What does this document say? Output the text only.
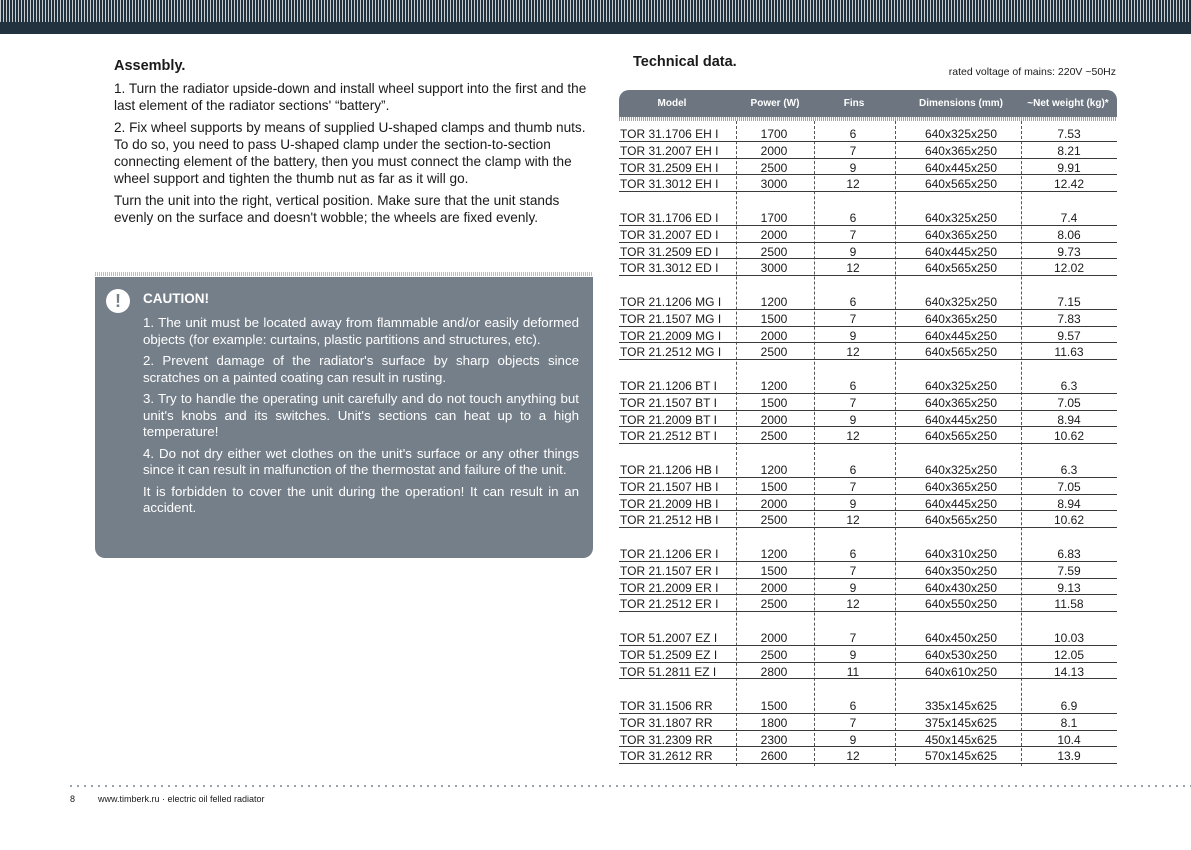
Assembly.

1. Turn the radiator upside-down and install wheel support into the first and the last element of the radiator sections' “battery”.

2. Fix wheel supports by means of supplied U-shaped clamps and thumb nuts. To do so, you need to pass U-shaped clamp under the section-to-section connecting element of the battery, then you must connect the clamp with the wheel support and tighten the thumb nut as far as it will go.

Turn the unit into the right, vertical position. Make sure that the unit stands evenly on the surface and doesn't wobble; the wheels are fixed evenly.

!	CAUTION!

1. The unit must be located away from flammable and/or easily deformed objects (for example: curtains, plastic partitions and structures, etc).

2. Prevent damage of the radiator's surface by sharp objects since scratches on a painted coating can result in rusting.

3. Try to handle the operating unit carefully and do not touch anything but unit's knobs and its switches. Unit's sections can heat up to a high temperature!

4. Do not dry either wet clothes on the unit's surface or any other things since it can result in malfunction of the thermostat and failure of the unit.

It is forbidden to cover the unit during the operation! It can result in an accident.

Technical data.
rated voltage of mains: 220V ~50Hz
Model	Power (W)	Fins	Dimensions (mm)	~Net weight (kg)*
TOR 31.1706 EH I	1700	6	640x325x250	7.53
TOR 31.2007 EH I	2000	7	640x365x250	8.21
TOR 31.2509 EH I	2500	9	640x445x250	9.91
TOR 31.3012 EH I	3000	12	640x565x250	12.42
TOR 31.1706 ED I	1700	6	640x325x250	7.4
TOR 31.2007 ED I	2000	7	640x365x250	8.06
TOR 31.2509 ED I	2500	9	640x445x250	9.73
TOR 31.3012 ED I	3000	12	640x565x250	12.02
TOR 21.1206 MG I	1200	6	640x325x250	7.15
TOR 21.1507 MG I	1500	7	640x365x250	7.83
TOR 21.2009 MG I	2000	9	640x445x250	9.57
TOR 21.2512 MG I	2500	12	640x565x250	11.63
TOR 21.1206 BT I	1200	6	640x325x250	6.3
TOR 21.1507 BT I	1500	7	640x365x250	7.05
TOR 21.2009 BT I	2000	9	640x445x250	8.94
TOR 21.2512 BT I	2500	12	640x565x250	10.62
TOR 21.1206 HB I	1200	6	640x325x250	6.3
TOR 21.1507 HB I	1500	7	640x365x250	7.05
TOR 21.2009 HB I	2000	9	640x445x250	8.94
TOR 21.2512 HB I	2500	12	640x565x250	10.62
TOR 21.1206 ER I	1200	6	640x310x250	6.83
TOR 21.1507 ER I	1500	7	640x350x250	7.59
TOR 21.2009 ER I	2000	9	640x430x250	9.13
TOR 21.2512 ER I	2500	12	640x550x250	11.58
TOR 51.2007 EZ I	2000	7	640x450x250	10.03
TOR 51.2509 EZ I	2500	9	640x530x250	12.05
TOR 51.2811 EZ I	2800	11	640x610x250	14.13
TOR 31.1506 RR	1500	6	335x145x625	6.9
TOR 31.1807 RR	1800	7	375x145x625	8.1
TOR 31.2309 RR	2300	9	450x145x625	10.4
TOR 31.2612 RR	2600	12	570x145x625	13.9
8	www.timberk.ru · electric oil felled radiator
